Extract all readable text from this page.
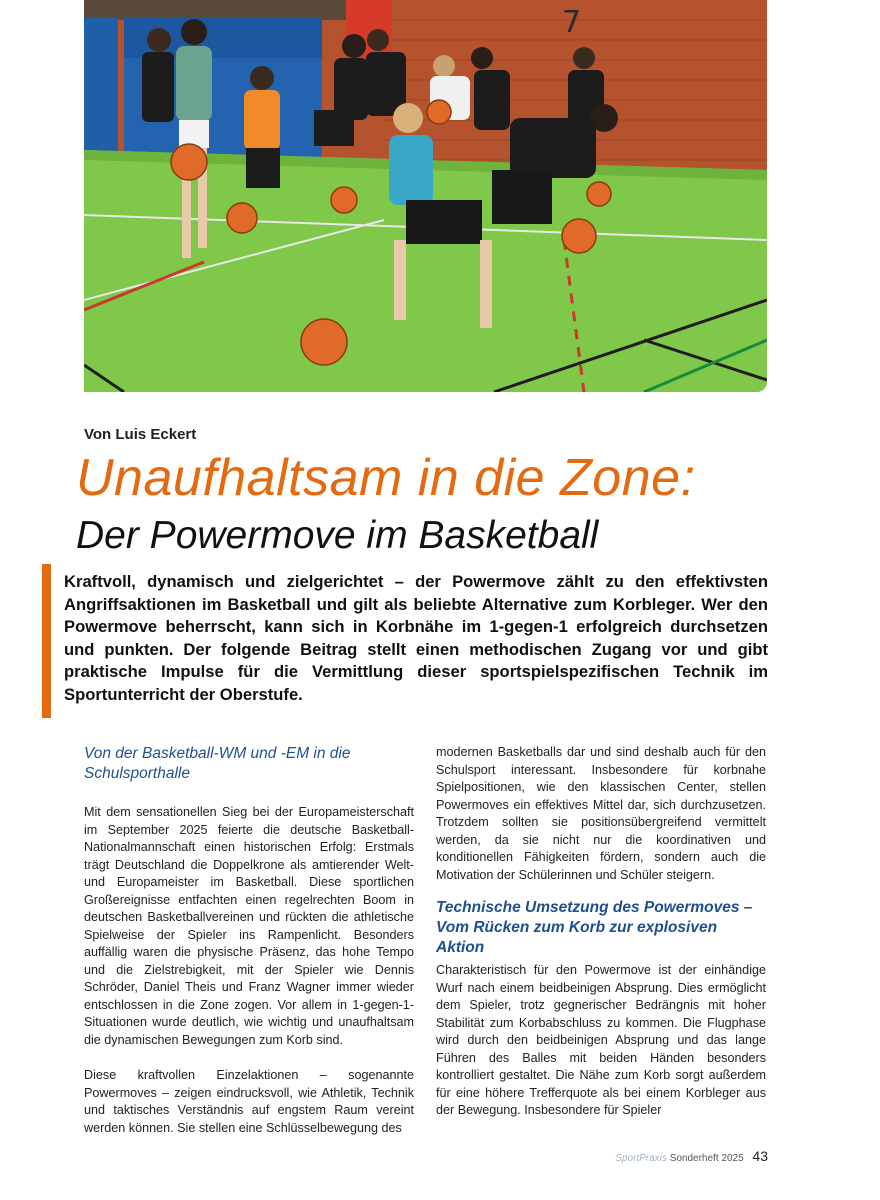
7
Von Luis Eckert
Unaufhaltsam in die Zone:
Der Powermove im Basketball
Kraftvoll, dynamisch und zielgerichtet – der Powermove zählt zu den effektivsten Angriffsaktionen im Basketball und gilt als beliebte Alternative zum Korbleger. Wer den Powermove beherrscht, kann sich in Korbnähe im 1-gegen-1 erfolgreich durchsetzen und punkten. Der folgende Beitrag stellt einen methodischen Zugang vor und gibt praktische Impulse für die Vermittlung dieser sportspielspezifischen Technik im Sportunterricht der Oberstufe.
Von der Basketball-WM und -EM in die Schulsporthalle

Mit dem sensationellen Sieg bei der Europameisterschaft im September 2025 feierte die deutsche Basketball-Nationalmannschaft einen historischen Erfolg: Erstmals trägt Deutschland die Doppelkrone als amtierender Welt- und Europameister im Basketball. Diese sportlichen Großereignisse entfachten einen regelrechten Boom in deutschen Basketballvereinen und rückten die athletische Spielweise der Spieler ins Rampenlicht. Besonders auffällig waren die physische Präsenz, das hohe Tempo und die Zielstrebigkeit, mit der Spieler wie Dennis Schröder, Daniel Theis und Franz Wagner immer wieder entschlossen in die Zone zogen. Vor allem in 1-gegen-1-Situationen wurde deutlich, wie wichtig und unaufhaltsam die dynamischen Bewegungen zum Korb sind.

Diese kraftvollen Einzelaktionen – sogenannte Powermoves – zeigen eindrucksvoll, wie Athletik, Technik und taktisches Verständnis auf engstem Raum vereint werden können. Sie stellen eine Schlüsselbewegung des

modernen Basketballs dar und sind deshalb auch für den Schulsport interessant. Insbesondere für korbnahe Spielpositionen, wie den klassischen Center, stellen Powermoves ein effektives Mittel dar, sich durchzusetzen. Trotzdem sollten sie positionsübergreifend vermittelt werden, da sie nicht nur die koordinativen und konditionellen Fähigkeiten fördern, sondern auch die Motivation der Schülerinnen und Schüler steigern.

Technische Umsetzung des Powermoves – Vom Rücken zum Korb zur explosiven Aktion

Charakteristisch für den Powermove ist der einhändige Wurf nach einem beidbeinigen Absprung. Dies ermöglicht dem Spieler, trotz gegnerischer Bedrängnis mit hoher Stabilität zum Korbabschluss zu kommen. Die Flugphase wird durch den beidbeinigen Absprung und das lange Führen des Balles mit beiden Händen besonders kontrolliert gestaltet. Die Nähe zum Korb sorgt außerdem für eine höhere Trefferquote als bei einem Korbleger aus der Bewegung. Insbesondere für Spieler

SportPraxis Sonderheft 2025 43
